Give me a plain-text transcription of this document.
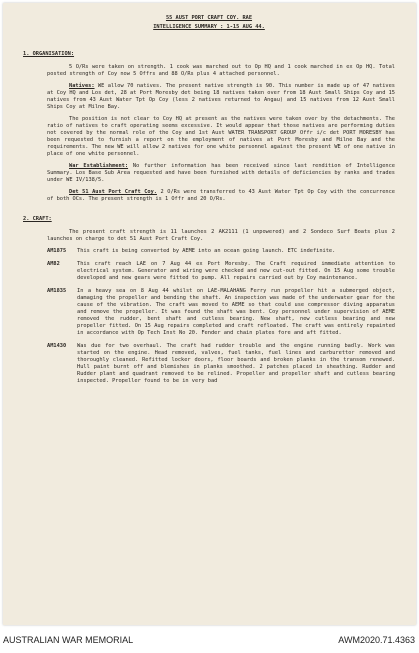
55 AUST PORT CRAFT COY. RAE

INTELLIGENCE SUMMARY : 1-15 AUG 44.

1. ORGANISATION:

5 O/Rs were taken on strength. 1 cook was marched out to Op HQ and 1 cook marched in ex Op HQ. Total posted strength of Coy now 5 Offrs and 88 O/Rs plus 4 attached personnel.

Natives: WE allow 70 natives. The present native strength is 90. This number is made up of 47 natives at Coy HQ and Los det, 28 at Port Moresby det being 18 natives taken over from 18 Aust Small Ships Coy and 15 natives from 43 Aust Water Tpt Op Coy (less 2 natives returned to Angau) and 15 natives from 12 Aust Small Ships Coy at Milne Bay.

The position is not clear to Coy HQ at present as the natives were taken over by the detachments. The ratio of natives to craft operating seems excessive. It would appear that those natives are performing duties not covered by the normal role of the Coy and 1st Aust WATER TRANSPORT GROUP Offr i/c det PORT MORESBY has been requested to furnish a report on the employment of natives at Port Moresby and Milne Bay and the requirements. The new WE will allow 2 natives for one white personnel against the present WE of one native in place of one white personnel.

War Establishment: No further information has been received since last rendition of Intelligence Summary. Los Base Sub Area requested and have been furnished with details of deficiencies by ranks and trades under WE IV/138/5.

Det 51 Aust Port Craft Coy. 2 O/Rs were transferred to 43 Aust Water Tpt Op Coy with the concurrence of both OCs. The present strength is 1 Offr and 20 O/Rs.

2. CRAFT:

The present craft strength is 11 launches 2 AK2111 (1 unpowered) and 2 Sondeco Surf Boats plus 2 launches on charge to det 51 Aust Port Craft Coy.

AM1875	This craft is being converted by AEME into an ocean going launch. ETC indefinite.
AM82	This craft reach LAE on 7 Aug 44 ex Port Moresby. The Craft required immediate attention to electrical system. Generator and wiring were checked and new cut-out fitted. On 15 Aug some trouble developed and new gears were fitted to pump. All repairs carried out by Coy maintenance.
AM1835	In a heavy sea on 8 Aug 44 whilst on LAE-MALAHANG Ferry run propeller hit a submerged object, damaging the propeller and bending the shaft. An inspection was made of the underwater gear for the cause of the vibration. The craft was moved to AEME so that could use compressor diving apparatus and remove the propeller. It was found the shaft was bent. Coy personnel under supervision of AEME removed the rudder, bent shaft and cutless bearing. New shaft, new cutless bearing and new propeller fitted. On 15 Aug repairs completed and craft refloated. The craft was entirely repainted in accordance with Op Tech Inst No 20. Fender and chain plates fore and aft fitted.
AM1430	Was due for two overhaul. The craft had rudder trouble and the engine running badly. Work was started on the engine. Head removed, valves, fuel tanks, fuel lines and carburettor removed and thoroughly cleaned. Refitted locker doors, floor boards and broken planks in the transom renewed. Hull paint burnt off and blemishes in planks smoothed. 2 patches placed in sheathing. Rudder and Rudder plant and quadrant removed to be relined. Propeller and propeller shaft and cutless bearing inspected. Propeller found to be in very bad
AUSTRALIAN WAR MEMORIAL	AWM2020.71.4363
